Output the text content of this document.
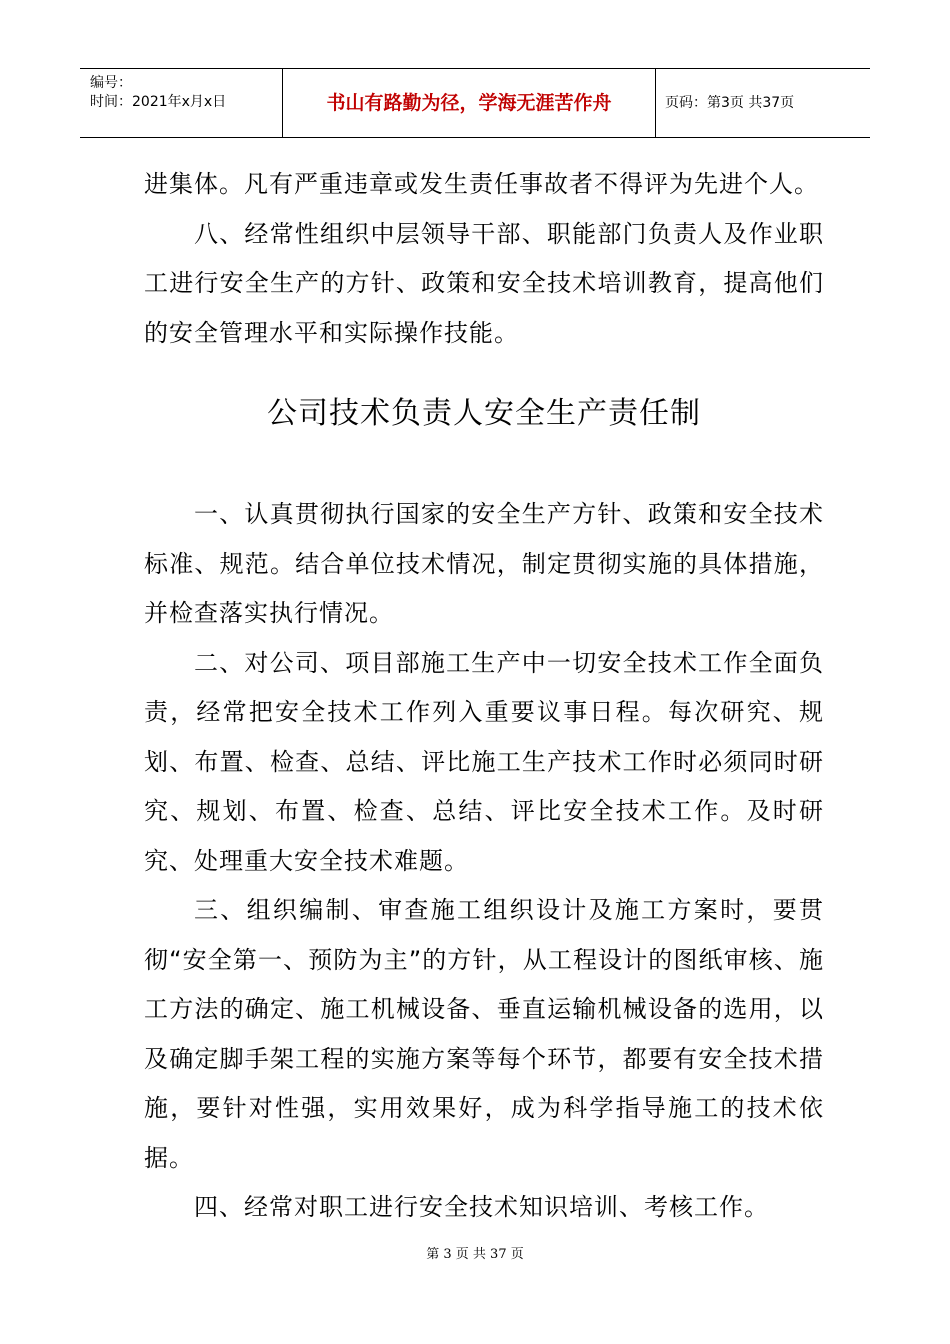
编号：
时间：2021年x月x日	书山有路勤为径，学海无涯苦作舟	页码：第3页 共37页

进集体。凡有严重违章或发生责任事故者不得评为先进个人。

八、经常性组织中层领导干部、职能部门负责人及作业职工进行安全生产的方针、政策和安全技术培训教育，提高他们的安全管理水平和实际操作技能。

公司技术负责人安全生产责任制

一、认真贯彻执行国家的安全生产方针、政策和安全技术标准、规范。结合单位技术情况，制定贯彻实施的具体措施，并检查落实执行情况。

二、对公司、项目部施工生产中一切安全技术工作全面负责，经常把安全技术工作列入重要议事日程。每次研究、规划、布置、检查、总结、评比施工生产技术工作时必须同时研究、规划、布置、检查、总结、评比安全技术工作。及时研究、处理重大安全技术难题。

三、组织编制、审查施工组织设计及施工方案时，要贯彻“安全第一、预防为主”的方针，从工程设计的图纸审核、施工方法的确定、施工机械设备、垂直运输机械设备的选用，以及确定脚手架工程的实施方案等每个环节，都要有安全技术措施，要针对性强，实用效果好，成为科学指导施工的技术依据。

四、经常对职工进行安全技术知识培训、考核工作。

第 3 页 共 37 页
